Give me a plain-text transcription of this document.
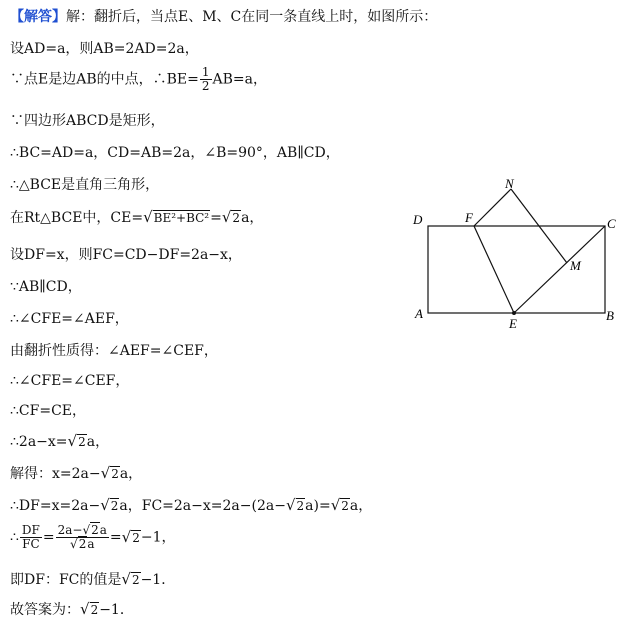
【解答】解：翻折后，当点E、M、C在同一条直线上时，如图所示：
设AD=a，则AB=2AD=2a，
∵点E是边AB的中点，∴BE= $\frac{1}{2} AB=a$，
∵四边形ABCD是矩形，
∴BC=AD=a，CD=AB=2a，∠B=90°，AB∥CD，
∴△BCE是直角三角形，
在Rt△BCE中，CE=√BE²+BC²=√2a，
设DF=x，则FC=CD−DF=2a−x，
∵AB∥CD，
∴∠CFE=∠AEF，
由翻折性质得：∠AEF=∠CEF，
∴∠CFE=∠CEF，
∴CF=CE，
∴2a−x=√2a，
解得：x=2a−√2a，
∴DF=x=2a−√2a，FC=2a−x=2a−(2a−√2a)=√2a，
∴ $\frac{DF}{FC} = \frac{2a-√2a}{√2a} =√2-1$，
即DF：FC的值是√2−1．
故答案为：√2−1．
N
D	F	C
M
A
E
B
